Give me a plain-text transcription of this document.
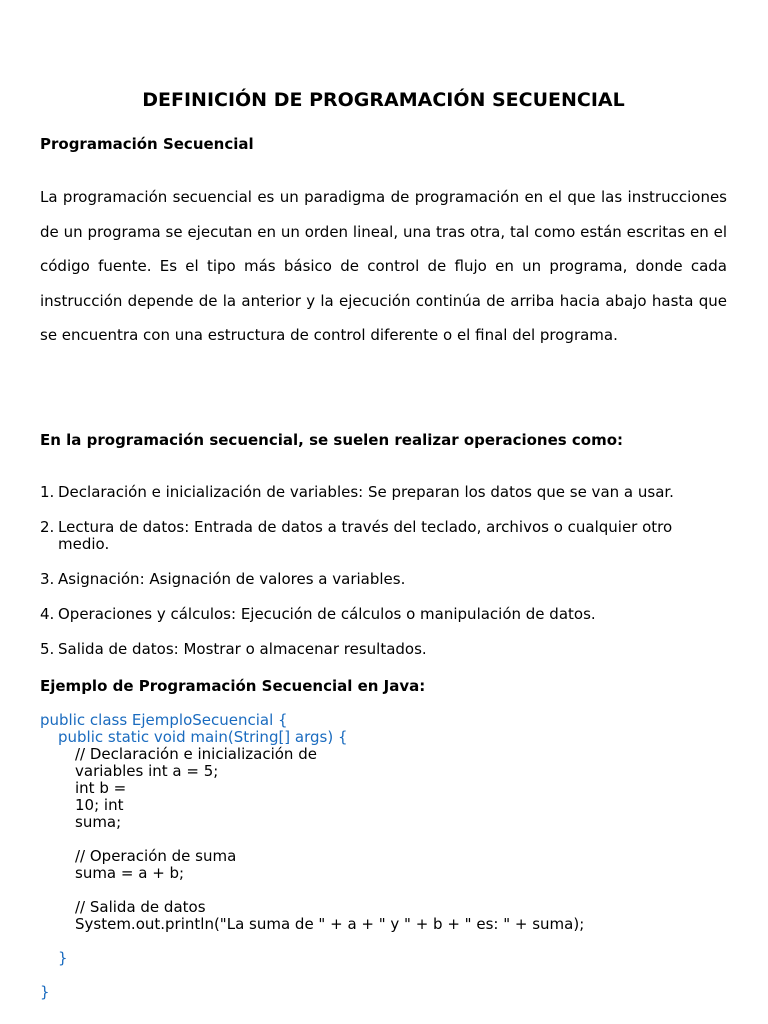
DEFINICIÓN DE PROGRAMACIÓN SECUENCIAL
Programación Secuencial

La programación secuencial es un paradigma de programación en el que las instrucciones de un programa se ejecutan en un orden lineal, una tras otra, tal como están escritas en el código fuente. Es el tipo más básico de control de flujo en un programa, donde cada instrucción depende de la anterior y la ejecución continúa de arriba hacia abajo hasta que se encuentra con una estructura de control diferente o el final del programa.

En la programación secuencial, se suelen realizar operaciones como:

1. Declaración e inicialización de variables: Se preparan los datos que se van a usar.
2. Lectura de datos: Entrada de datos a través del teclado, archivos o cualquier otro medio.
3. Asignación: Asignación de valores a variables.
4. Operaciones y cálculos: Ejecución de cálculos o manipulación de datos.
5. Salida de datos: Mostrar o almacenar resultados.

Ejemplo de Programación Secuencial en Java:

public class EjemploSecuencial {
public static void main(String[] args) {
// Declaración e inicialización de
variables int a = 5;
int b =
10; int
suma;
// Operación de suma
suma = a + b;
// Salida de datos
System.out.println("La suma de " + a + " y " + b + " es: " + suma);
}
}
